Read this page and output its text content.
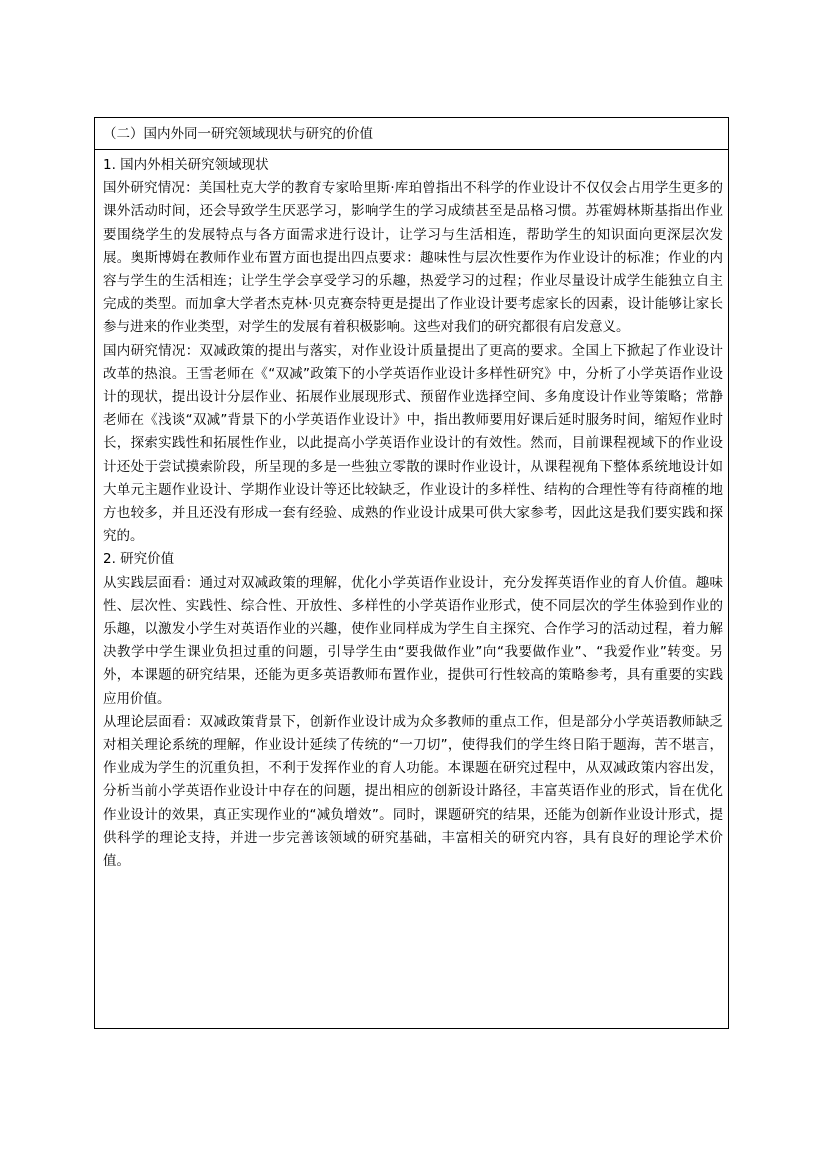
（二）国内外同一研究领域现状与研究的价值

1. 国内外相关研究领域现状

国外研究情况：美国杜克大学的教育专家哈里斯·库珀曾指出不科学的作业设计不仅仅会占用学生更多的课外活动时间，还会导致学生厌恶学习，影响学生的学习成绩甚至是品格习惯。苏霍姆林斯基指出作业要围绕学生的发展特点与各方面需求进行设计，让学习与生活相连，帮助学生的知识面向更深层次发展。奥斯博姆在教师作业布置方面也提出四点要求：趣味性与层次性要作为作业设计的标准；作业的内容与学生的生活相连；让学生学会享受学习的乐趣，热爱学习的过程；作业尽量设计成学生能独立自主完成的类型。而加拿大学者杰克林·贝克赛奈特更是提出了作业设计要考虑家长的因素，设计能够让家长参与进来的作业类型，对学生的发展有着积极影响。这些对我们的研究都很有启发意义。

国内研究情况：双减政策的提出与落实，对作业设计质量提出了更高的要求。全国上下掀起了作业设计改革的热浪。王雪老师在《“双减”政策下的小学英语作业设计多样性研究》中，分析了小学英语作业设计的现状，提出设计分层作业、拓展作业展现形式、预留作业选择空间、多角度设计作业等策略；常静老师在《浅谈“双减”背景下的小学英语作业设计》中，指出教师要用好课后延时服务时间，缩短作业时长，探索实践性和拓展性作业，以此提高小学英语作业设计的有效性。然而，目前课程视域下的作业设计还处于尝试摸索阶段，所呈现的多是一些独立零散的课时作业设计，从课程视角下整体系统地设计如大单元主题作业设计、学期作业设计等还比较缺乏，作业设计的多样性、结构的合理性等有待商榷的地方也较多，并且还没有形成一套有经验、成熟的作业设计成果可供大家参考，因此这是我们要实践和探究的。

2. 研究价值

从实践层面看：通过对双减政策的理解，优化小学英语作业设计，充分发挥英语作业的育人价值。趣味性、层次性、实践性、综合性、开放性、多样性的小学英语作业形式，使不同层次的学生体验到作业的乐趣，以激发小学生对英语作业的兴趣，使作业同样成为学生自主探究、合作学习的活动过程，着力解决教学中学生课业负担过重的问题，引导学生由“要我做作业”向“我要做作业”、“我爱作业”转变。另外，本课题的研究结果，还能为更多英语教师布置作业，提供可行性较高的策略参考，具有重要的实践应用价值。

从理论层面看：双减政策背景下，创新作业设计成为众多教师的重点工作，但是部分小学英语教师缺乏对相关理论系统的理解，作业设计延续了传统的“一刀切”，使得我们的学生终日陷于题海，苦不堪言，作业成为学生的沉重负担，不利于发挥作业的育人功能。本课题在研究过程中，从双减政策内容出发，分析当前小学英语作业设计中存在的问题，提出相应的创新设计路径，丰富英语作业的形式，旨在优化作业设计的效果，真正实现作业的“减负增效”。同时，课题研究的结果，还能为创新作业设计形式，提供科学的理论支持，并进一步完善该领域的研究基础，丰富相关的研究内容，具有良好的理论学术价值。
